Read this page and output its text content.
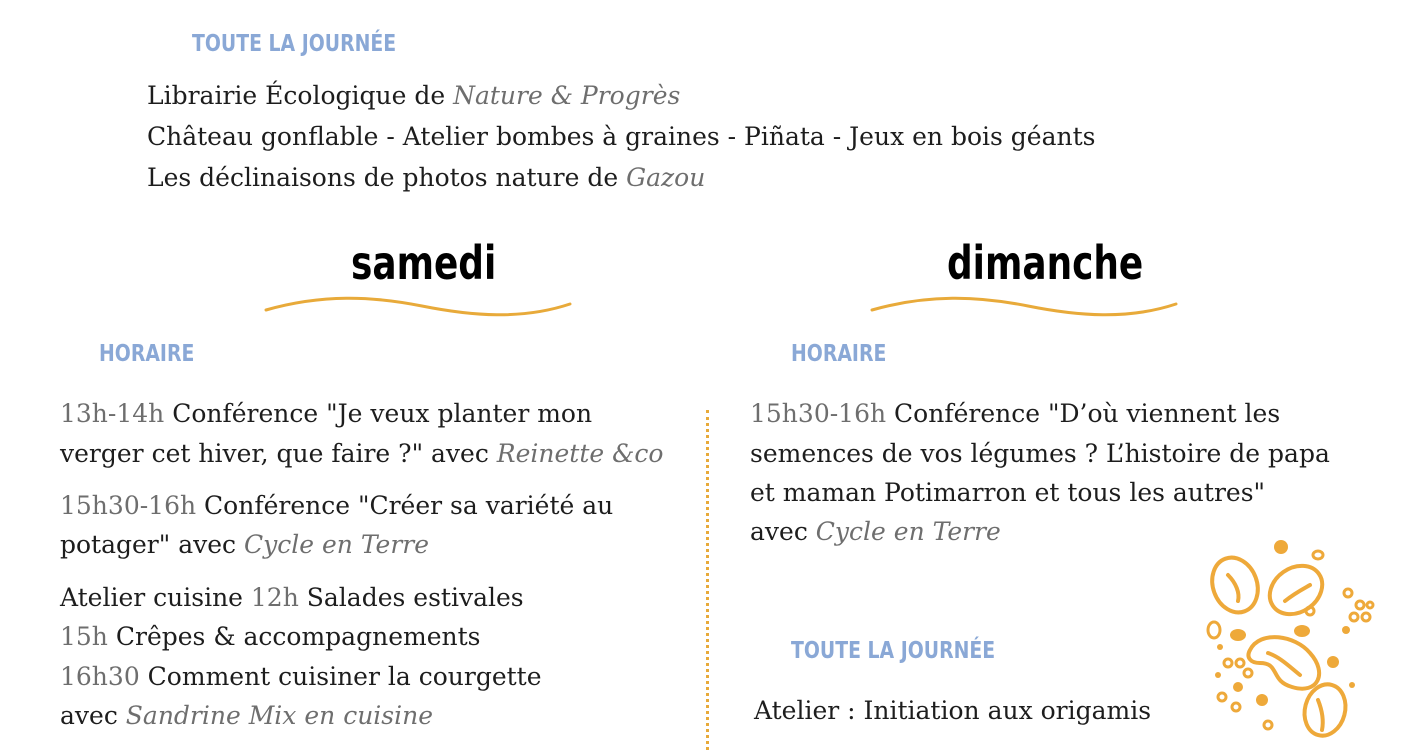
TOUTE LA JOURNÉE
Librairie Écologique de Nature & Progrès
Château gonflable - Atelier bombes à graines - Piñata - Jeux en bois géants
Les déclinaisons de photos nature de Gazou
samedi	dimanche
HORAIRE
13h-14h Conférence "Je veux planter mon
verger cet hiver, que faire ?" avec Reinette &co
15h30-16h Conférence "Créer sa variété au
potager" avec Cycle en Terre
Atelier cuisine 12h Salades estivales
15h Crêpes & accompagnements
16h30 Comment cuisiner la courgette
avec Sandrine Mix en cuisine
HORAIRE
15h30-16h Conférence "D’où viennent les
semences de vos légumes ? L’histoire de papa
et maman Potimarron et tous les autres"
avec Cycle en Terre
TOUTE LA JOURNÉE
Atelier : Initiation aux origamis
